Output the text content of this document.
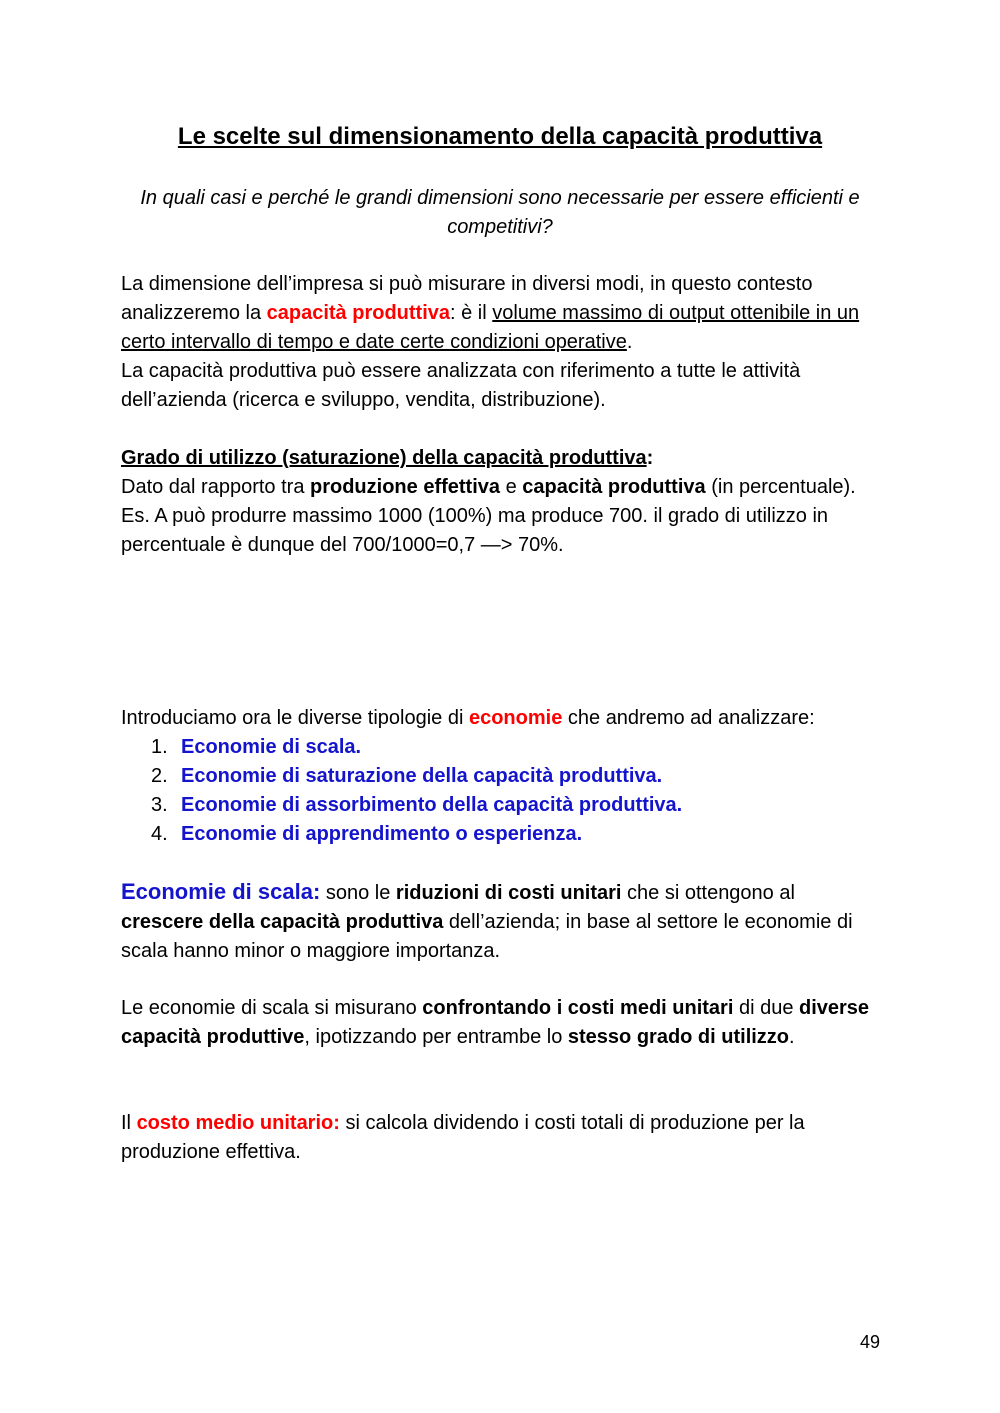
Le scelte sul dimensionamento della capacità produttiva
In quali casi e perché le grandi dimensioni sono necessarie per essere efficienti e competitivi?
La dimensione dell’impresa si può misurare in diversi modi, in questo contesto analizzeremo la capacità produttiva: è il volume massimo di output ottenibile in un certo intervallo di tempo e date certe condizioni operative.
La capacità produttiva può essere analizzata con riferimento a tutte le attività dell’azienda (ricerca e sviluppo, vendita, distribuzione).
Grado di utilizzo (saturazione) della capacità produttiva:
Dato dal rapporto tra produzione effettiva e capacità produttiva (in percentuale).
Es. A può produrre massimo 1000 (100%) ma produce 700. il grado di utilizzo in percentuale è dunque del 700/1000=0,7 —> 70%.
Introduciamo ora le diverse tipologie di economie che andremo ad analizzare:
1. Economie di scala.
2. Economie di saturazione della capacità produttiva.
3. Economie di assorbimento della capacità produttiva.
4. Economie di apprendimento o esperienza.
Economie di scala: sono le riduzioni di costi unitari che si ottengono al crescere della capacità produttiva dell’azienda; in base al settore le economie di scala hanno minor o maggiore importanza.
Le economie di scala si misurano confrontando i costi medi unitari di due diverse capacità produttive, ipotizzando per entrambe lo stesso grado di utilizzo.
Il costo medio unitario: si calcola dividendo i costi totali di produzione per la produzione effettiva.
49
